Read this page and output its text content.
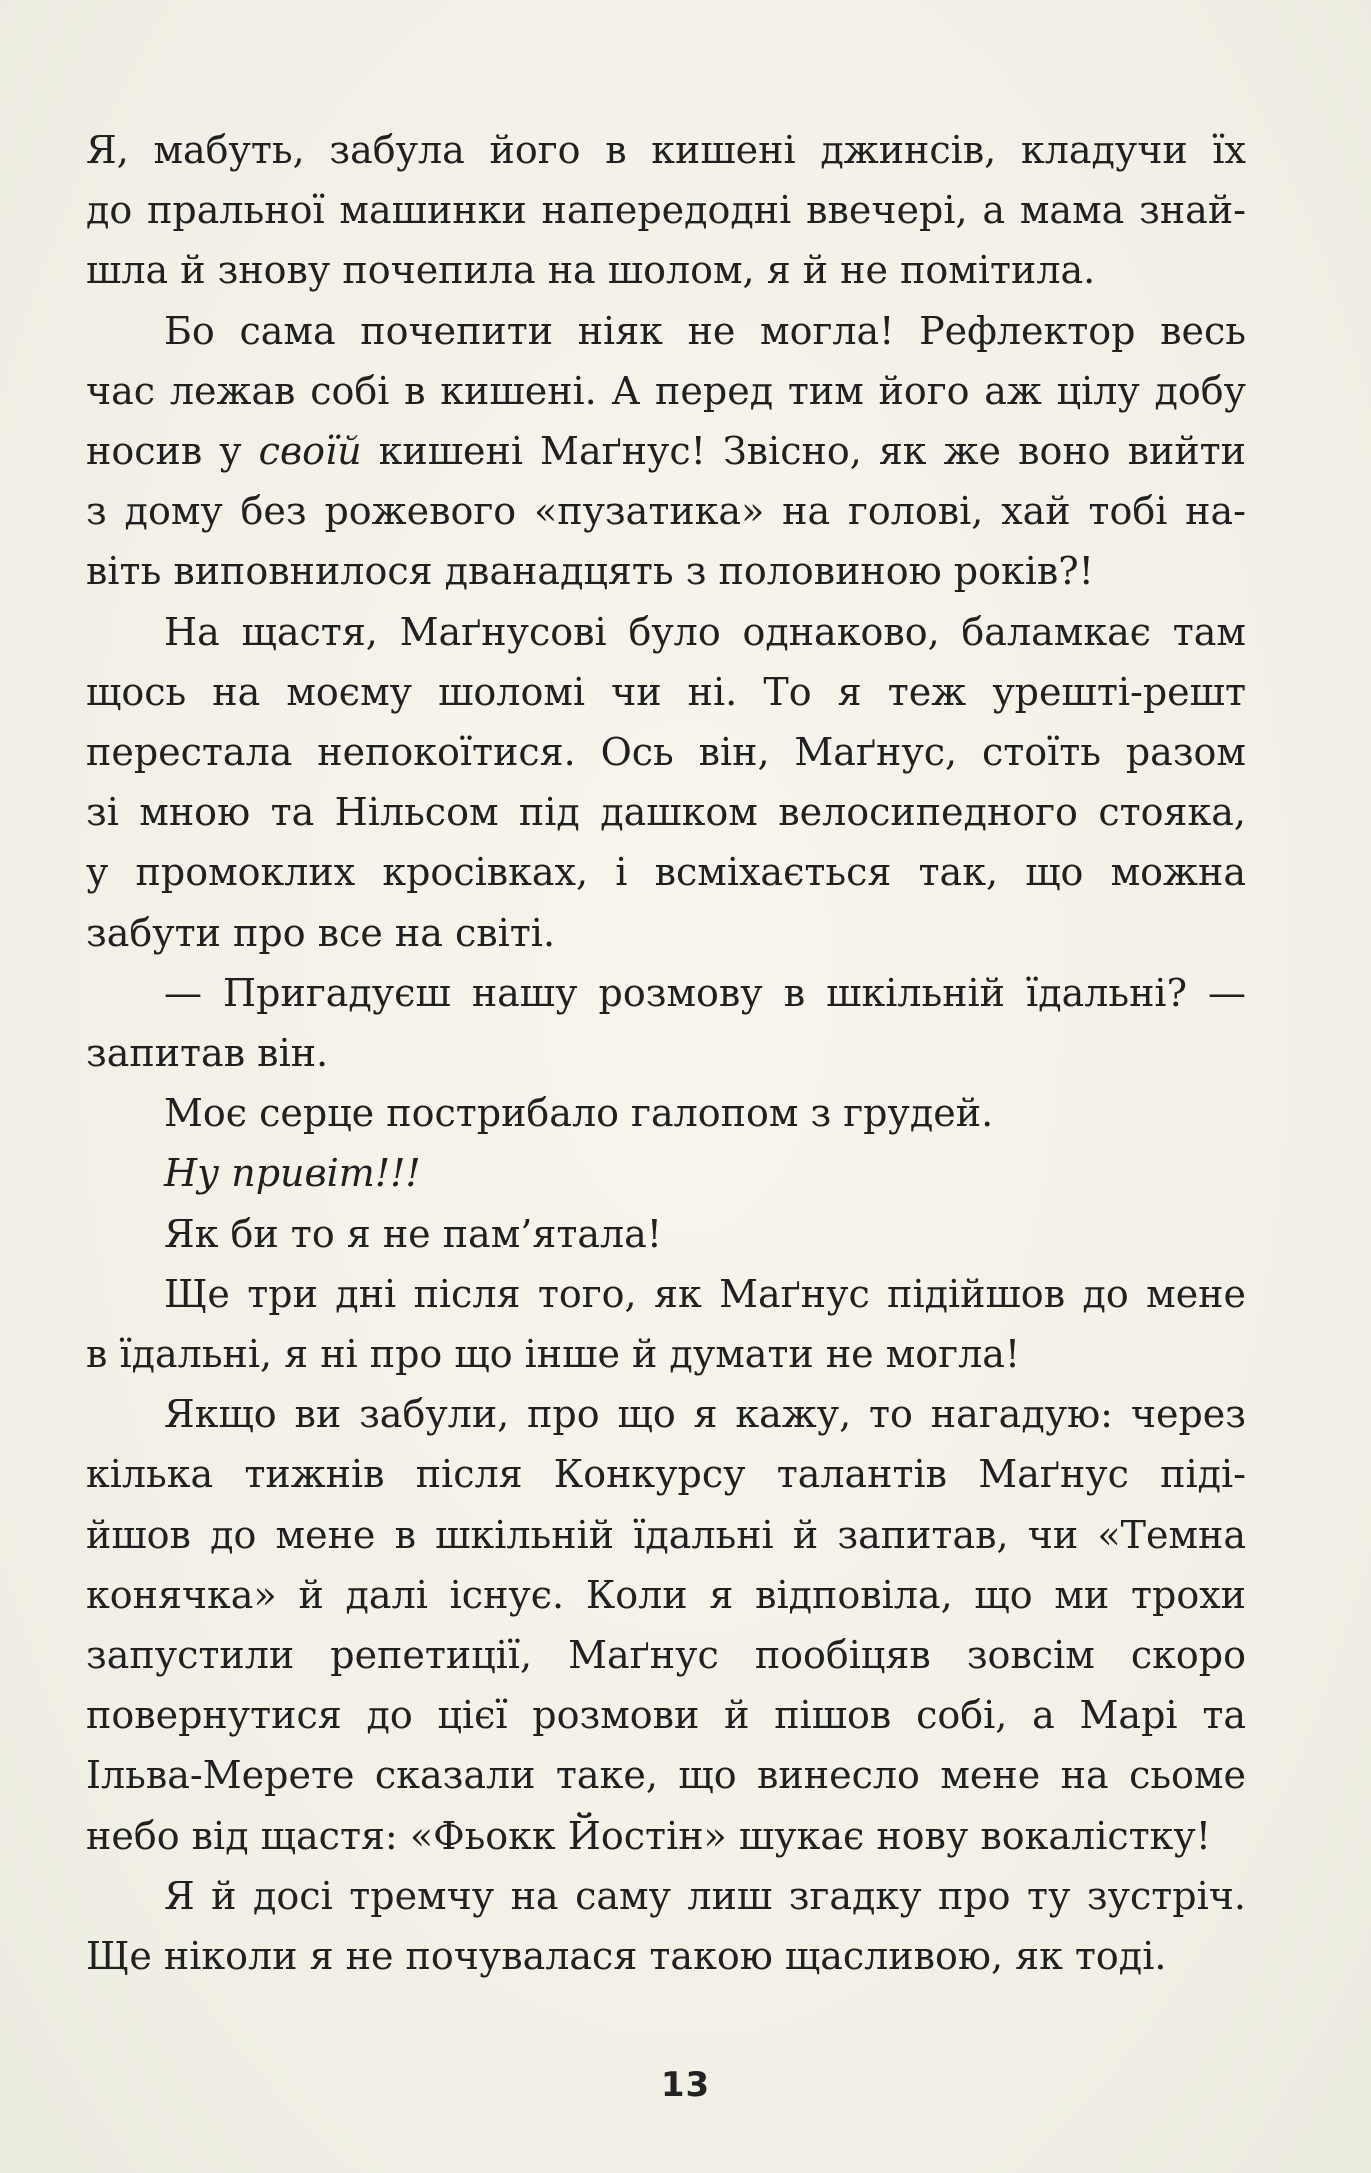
Я, мабуть, забула його в кишені джинсів, кладучи їх
до пральної машинки напередодні ввечері, а мама знай-
шла й знову почепила на шолом, я й не помітила.
Бо сама почепити ніяк не могла! Рефлектор весь
час лежав собі в кишені. А перед тим його аж цілу добу
носив у своїй кишені Маґнус! Звісно, як же воно вийти
з дому без рожевого «пузатика» на голові, хай тобі на-
віть виповнилося дванадцять з половиною років?!
На щастя, Маґнусові було однаково, баламкає там
щось на моєму шоломі чи ні. То я теж урешті-решт
перестала непокоїтися. Ось він, Маґнус, стоїть разом
зі мною та Нільсом під дашком велосипедного стояка,
у промоклих кросівках, і всміхається так, що можна
забути про все на світі.
— Пригадуєш нашу розмову в шкільній їдальні? —
запитав він.
Моє серце пострибало галопом з грудей.
Ну привіт!!!
Як би то я не пам’ятала!
Ще три дні після того, як Маґнус підійшов до мене
в їдальні, я ні про що інше й думати не могла!
Якщо ви забули, про що я кажу, то нагадую: через
кілька тижнів після Конкурсу талантів Маґнус піді-
йшов до мене в шкільній їдальні й запитав, чи «Темна
конячка» й далі існує. Коли я відповіла, що ми трохи
запустили репетиції, Маґнус пообіцяв зовсім скоро
повернутися до цієї розмови й пішов собі, а Марі та
Ільва-Мерете сказали таке, що винесло мене на сьоме
небо від щастя: «Фьокк Йостін» шукає нову вокалістку!
Я й досі тремчу на саму лиш згадку про ту зустріч.
Ще ніколи я не почувалася такою щасливою, як тоді.
13
